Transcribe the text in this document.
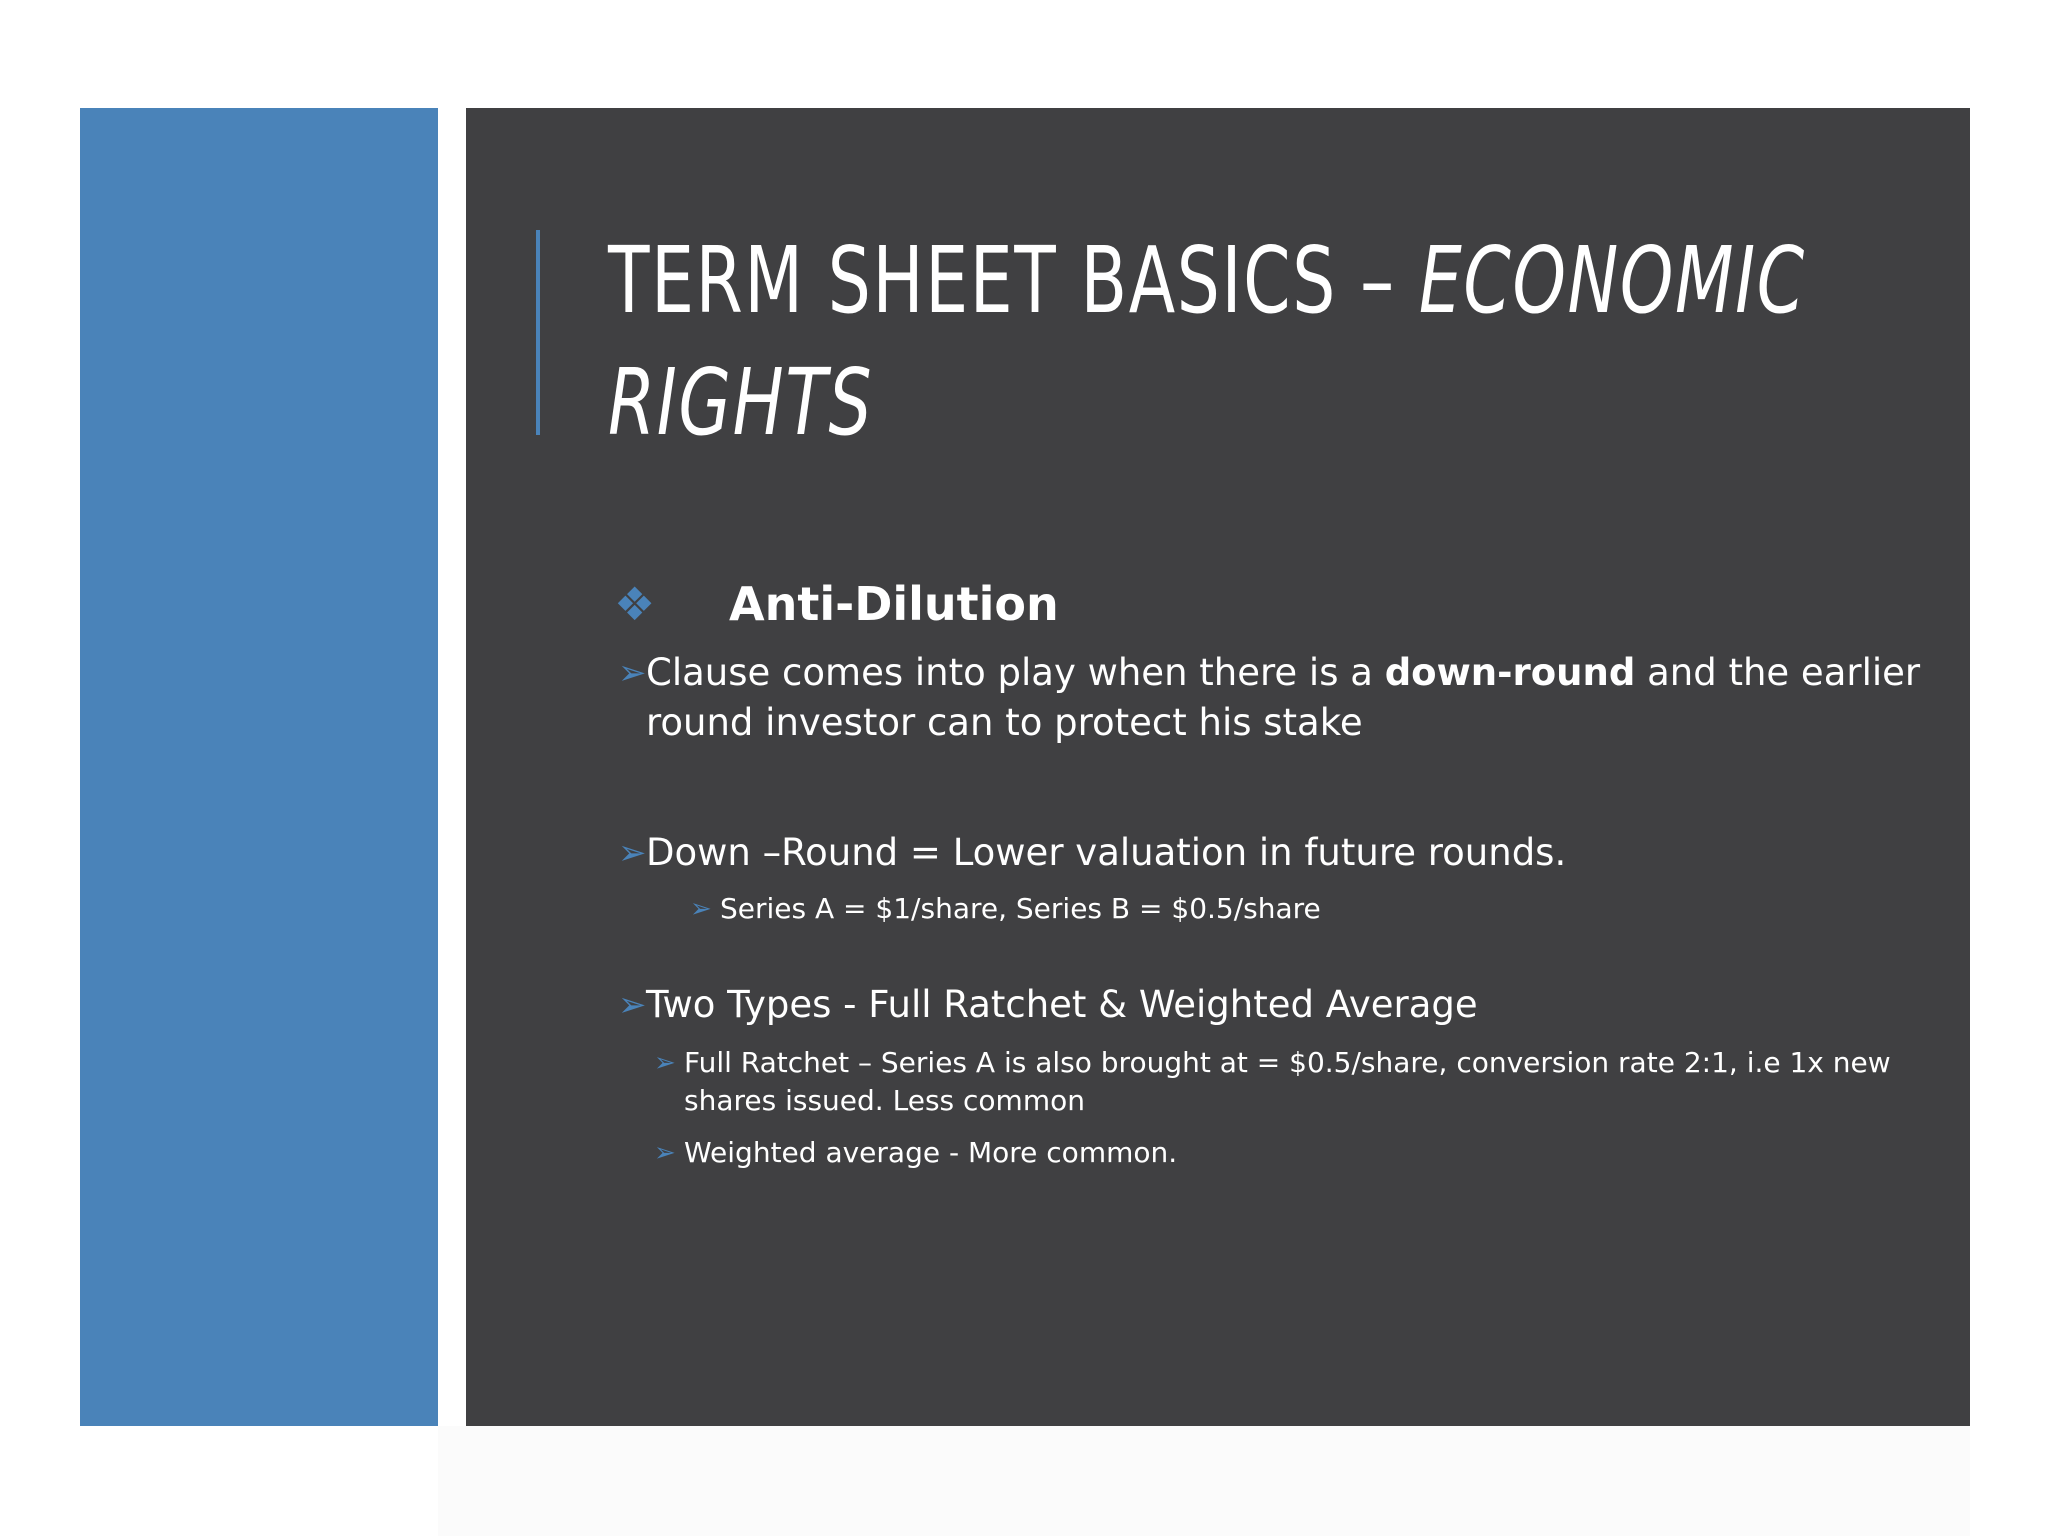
TERM SHEET BASICS – ECONOMIC RIGHTS
❖	Anti-Dilution
➢ Clause comes into play when there is a down-round and the earlier round investor can to protect his stake
➢ Down –Round = Lower valuation in future rounds.
➢ Series A = $1/share, Series B = $0.5/share
➢ Two Types - Full Ratchet & Weighted Average
➢ Full Ratchet – Series A is also brought at = $0.5/share, conversion rate 2:1, i.e 1x new shares issued. Less common
➢ Weighted average - More common.
